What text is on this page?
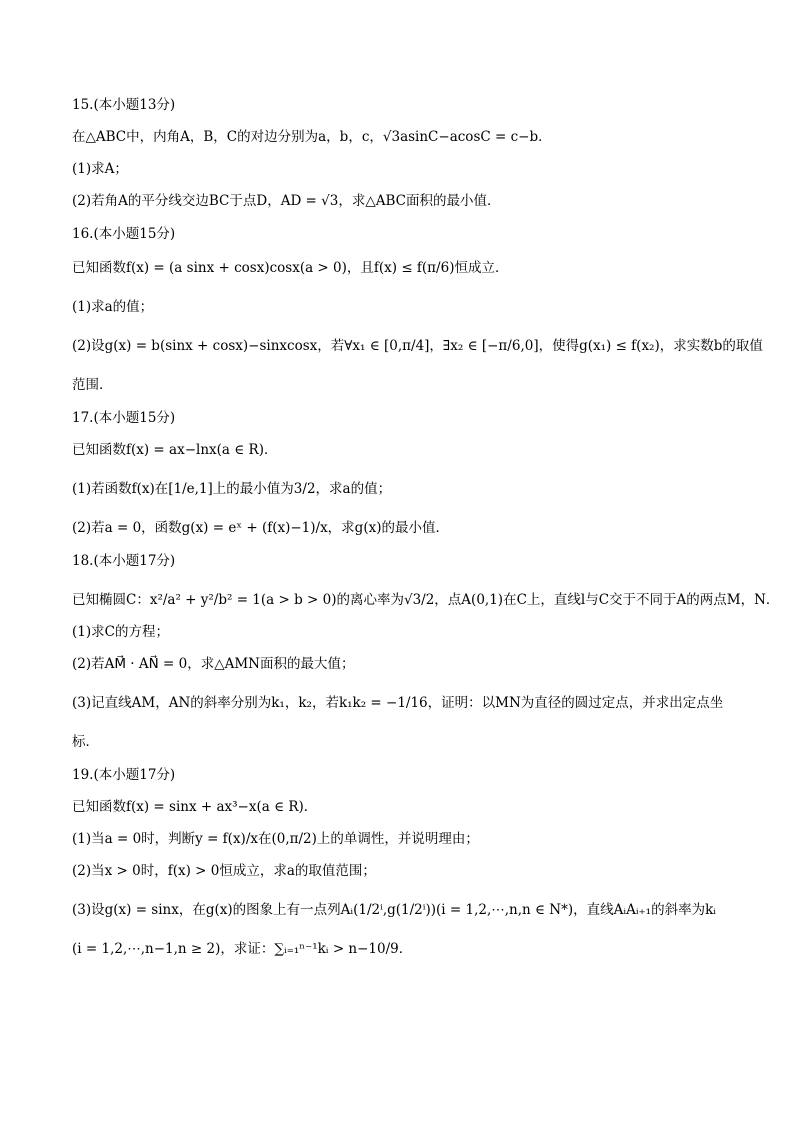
15.(本小题13分)
在△ABC中，内角A，B，C的对边分别为a，b，c，√3asinC−acosC = c−b．
(1)求A；
(2)若角A的平分线交边BC于点D，AD = √3，求△ABC面积的最小值．
16.(本小题15分)
已知函数f(x) = (a sinx + cosx)cosx(a > 0)，且f(x) ≤ f(π/6)恒成立．
(1)求a的值；
(2)设g(x) = b(sinx + cosx)−sinxcosx，若∀x₁ ∈ [0,π/4]，∃x₂ ∈ [−π/6,0]，使得g(x₁) ≤ f(x₂)，求实数b的取值
范围．
17.(本小题15分)
已知函数f(x) = ax−lnx(a ∈ R)．
(1)若函数f(x)在[1/e,1]上的最小值为3/2，求a的值；
(2)若a = 0，函数g(x) = eˣ + (f(x)−1)/x，求g(x)的最小值．
18.(本小题17分)
已知椭圆C：x²/a² + y²/b² = 1(a > b > 0)的离心率为√3/2，点A(0,1)在C上，直线l与C交于不同于A的两点M，N．
(1)求C的方程；
(2)若AM⃗ · AN⃗ = 0，求△AMN面积的最大值；
(3)记直线AM，AN的斜率分别为k₁，k₂，若k₁k₂ = −1/16，证明：以MN为直径的圆过定点，并求出定点坐
标．
19.(本小题17分)
已知函数f(x) = sinx + ax³−x(a ∈ R)．
(1)当a = 0时，判断y = f(x)/x在(0,π/2)上的单调性，并说明理由；
(2)当x > 0时，f(x) > 0恒成立，求a的取值范围；
(3)设g(x) = sinx，在g(x)的图象上有一点列Aᵢ(1/2ⁱ,g(1/2ⁱ))(i = 1,2,⋯,n,n ∈ N*)，直线AᵢAᵢ₊₁的斜率为kᵢ
(i = 1,2,⋯,n−1,n ≥ 2)，求证：∑ᵢ₌₁ⁿ⁻¹kᵢ > n−10/9．
